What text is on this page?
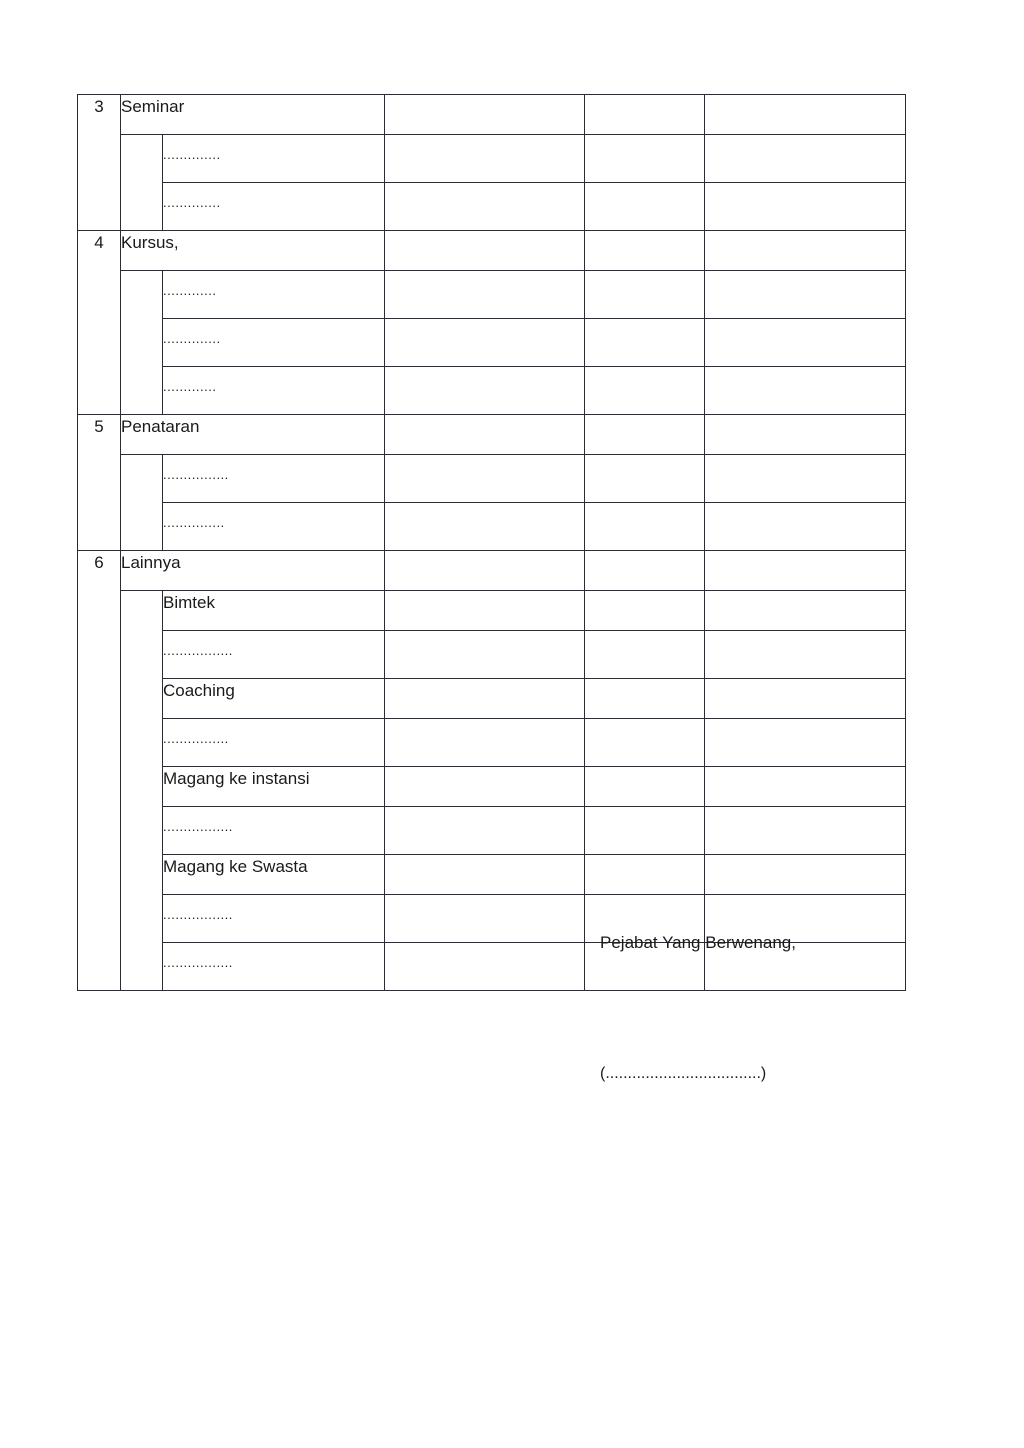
3	Seminar				
		..............			
		..............			
4	Kursus,				
		.............			
		..............			
		.............			
5	Penataran				
		................			
		...............			
6	Lainnya				
		Bimtek			
		.................			
		Coaching			
		................			
		Magang ke instansi			
		.................			
		Magang ke Swasta			
		.................			
		.................			
Pejabat Yang Berwenang,
(...................................)
